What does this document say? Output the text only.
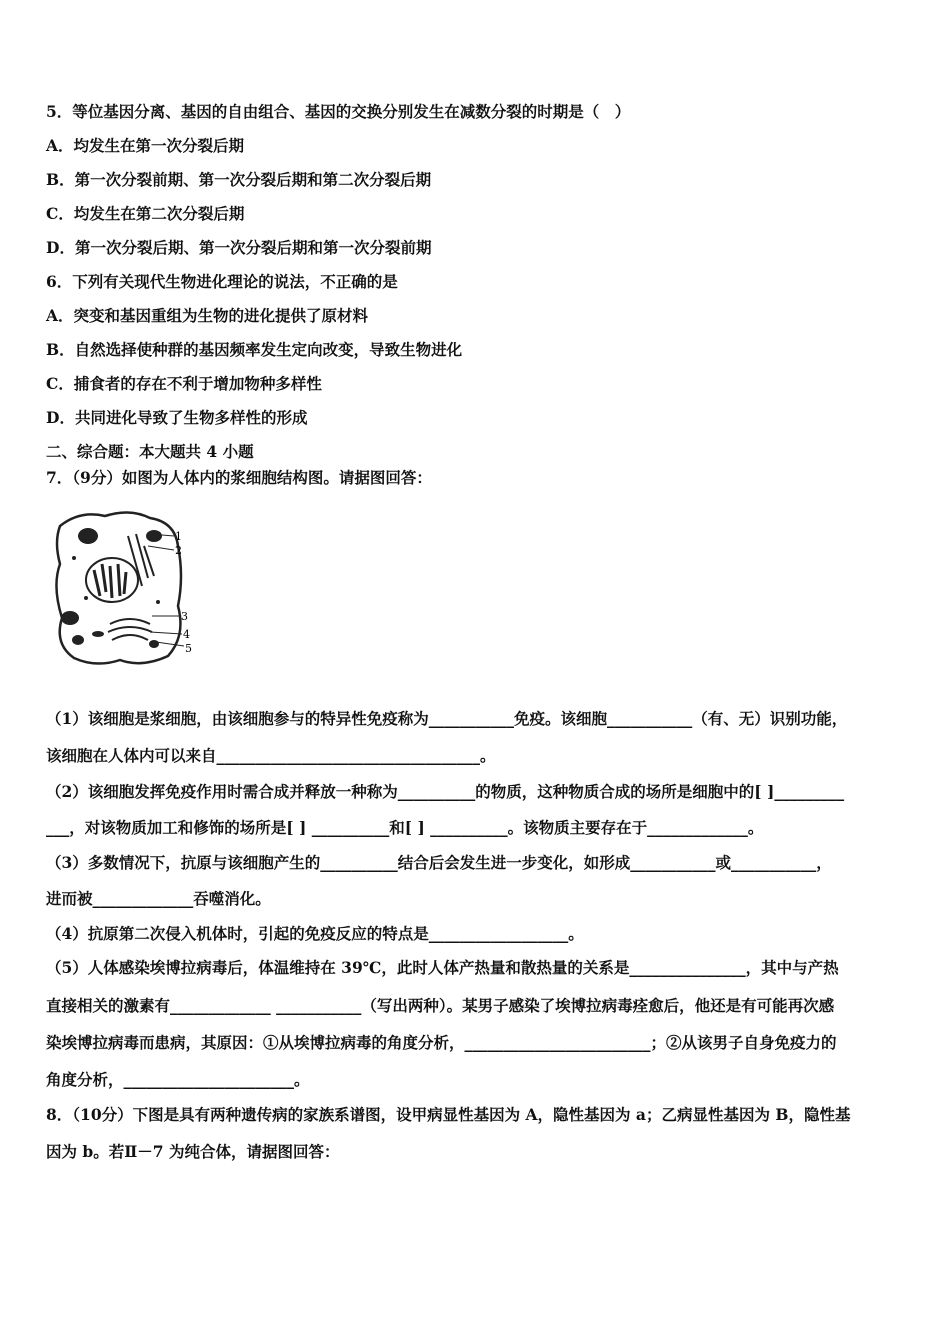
5．等位基因分离、基因的自由组合、基因的交换分别发生在减数分裂的时期是（　）
A．均发生在第一次分裂后期
B．第一次分裂前期、第一次分裂后期和第二次分裂后期
C．均发生在第二次分裂后期
D．第一次分裂后期、第一次分裂后期和第一次分裂前期
6．下列有关现代生物进化理论的说法，不正确的是
A．突变和基因重组为生物的进化提供了原材料
B．自然选择使种群的基因频率发生定向改变，导致生物进化
C．捕食者的存在不利于增加物种多样性
D．共同进化导致了生物多样性的形成
二、综合题：本大题共 4 小题
7．（9分）如图为人体内的浆细胞结构图。请据图回答：
1
2
3
4
5
（1）该细胞是浆细胞，由该细胞参与的特异性免疫称为___________免疫。该细胞___________（有、无）识别功能，
该细胞在人体内可以来自__________________________________。
（2）该细胞发挥免疫作用时需合成并释放一种称为__________的物质，这种物质合成的场所是细胞中的[ ]_________
___，对该物质加工和修饰的场所是[ ] __________和[ ] __________。该物质主要存在于_____________。
（3）多数情况下，抗原与该细胞产生的__________结合后会发生进一步变化，如形成___________或___________，
进而被_____________吞噬消化。
（4）抗原第二次侵入机体时，引起的免疫反应的特点是__________________。
（5）人体感染埃博拉病毒后，体温维持在 39℃，此时人体产热量和散热量的关系是_______________，其中与产热
直接相关的激素有_____________ ___________（写出两种）。某男子感染了埃博拉病毒痊愈后，他还是有可能再次感
染埃博拉病毒而患病，其原因：①从埃博拉病毒的角度分析，________________________；②从该男子自身免疫力的
角度分析，______________________。
8．（10分）下图是具有两种遗传病的家族系谱图，设甲病显性基因为 A，隐性基因为 a；乙病显性基因为 B，隐性基
因为 b。若Ⅱ－7 为纯合体，请据图回答：
